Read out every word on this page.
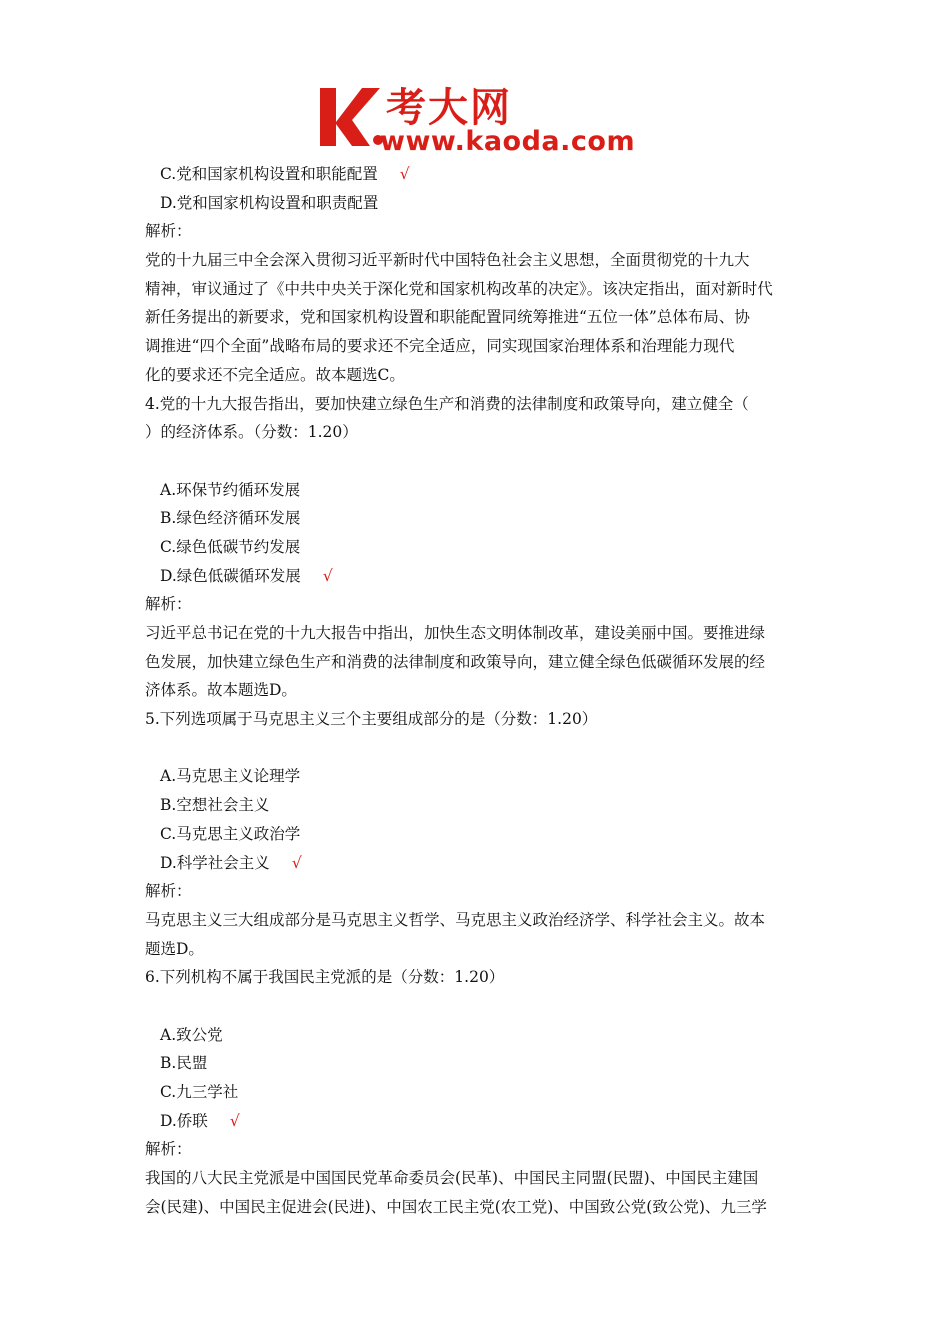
考大网
www.kaoda.com
C.党和国家机构设置和职能配置 √
D.党和国家机构设置和职责配置
解析：
党的十九届三中全会深入贯彻习近平新时代中国特色社会主义思想，全面贯彻党的十九大
精神，审议通过了《中共中央关于深化党和国家机构改革的决定》。该决定指出，面对新时代
新任务提出的新要求，党和国家机构设置和职能配置同统筹推进“五位一体”总体布局、协
调推进“四个全面”战略布局的要求还不完全适应，同实现国家治理体系和治理能力现代
化的要求还不完全适应。故本题选C。
4.党的十九大报告指出，要加快建立绿色生产和消费的法律制度和政策导向，建立健全（
）的经济体系。（分数：1.20）
A.环保节约循环发展
B.绿色经济循环发展
C.绿色低碳节约发展
D.绿色低碳循环发展 √
解析：
习近平总书记在党的十九大报告中指出，加快生态文明体制改革，建设美丽中国。要推进绿
色发展，加快建立绿色生产和消费的法律制度和政策导向，建立健全绿色低碳循环发展的经
济体系。故本题选D。
5.下列选项属于马克思主义三个主要组成部分的是（分数：1.20）
A.马克思主义论理学
B.空想社会主义
C.马克思主义政治学
D.科学社会主义 √
解析：
马克思主义三大组成部分是马克思主义哲学、马克思主义政治经济学、科学社会主义。故本
题选D。
6.下列机构不属于我国民主党派的是（分数：1.20）
A.致公党
B.民盟
C.九三学社
D.侨联 √
解析：
我国的八大民主党派是中国国民党革命委员会(民革)、中国民主同盟(民盟)、中国民主建国
会(民建)、中国民主促进会(民进)、中国农工民主党(农工党)、中国致公党(致公党)、九三学
